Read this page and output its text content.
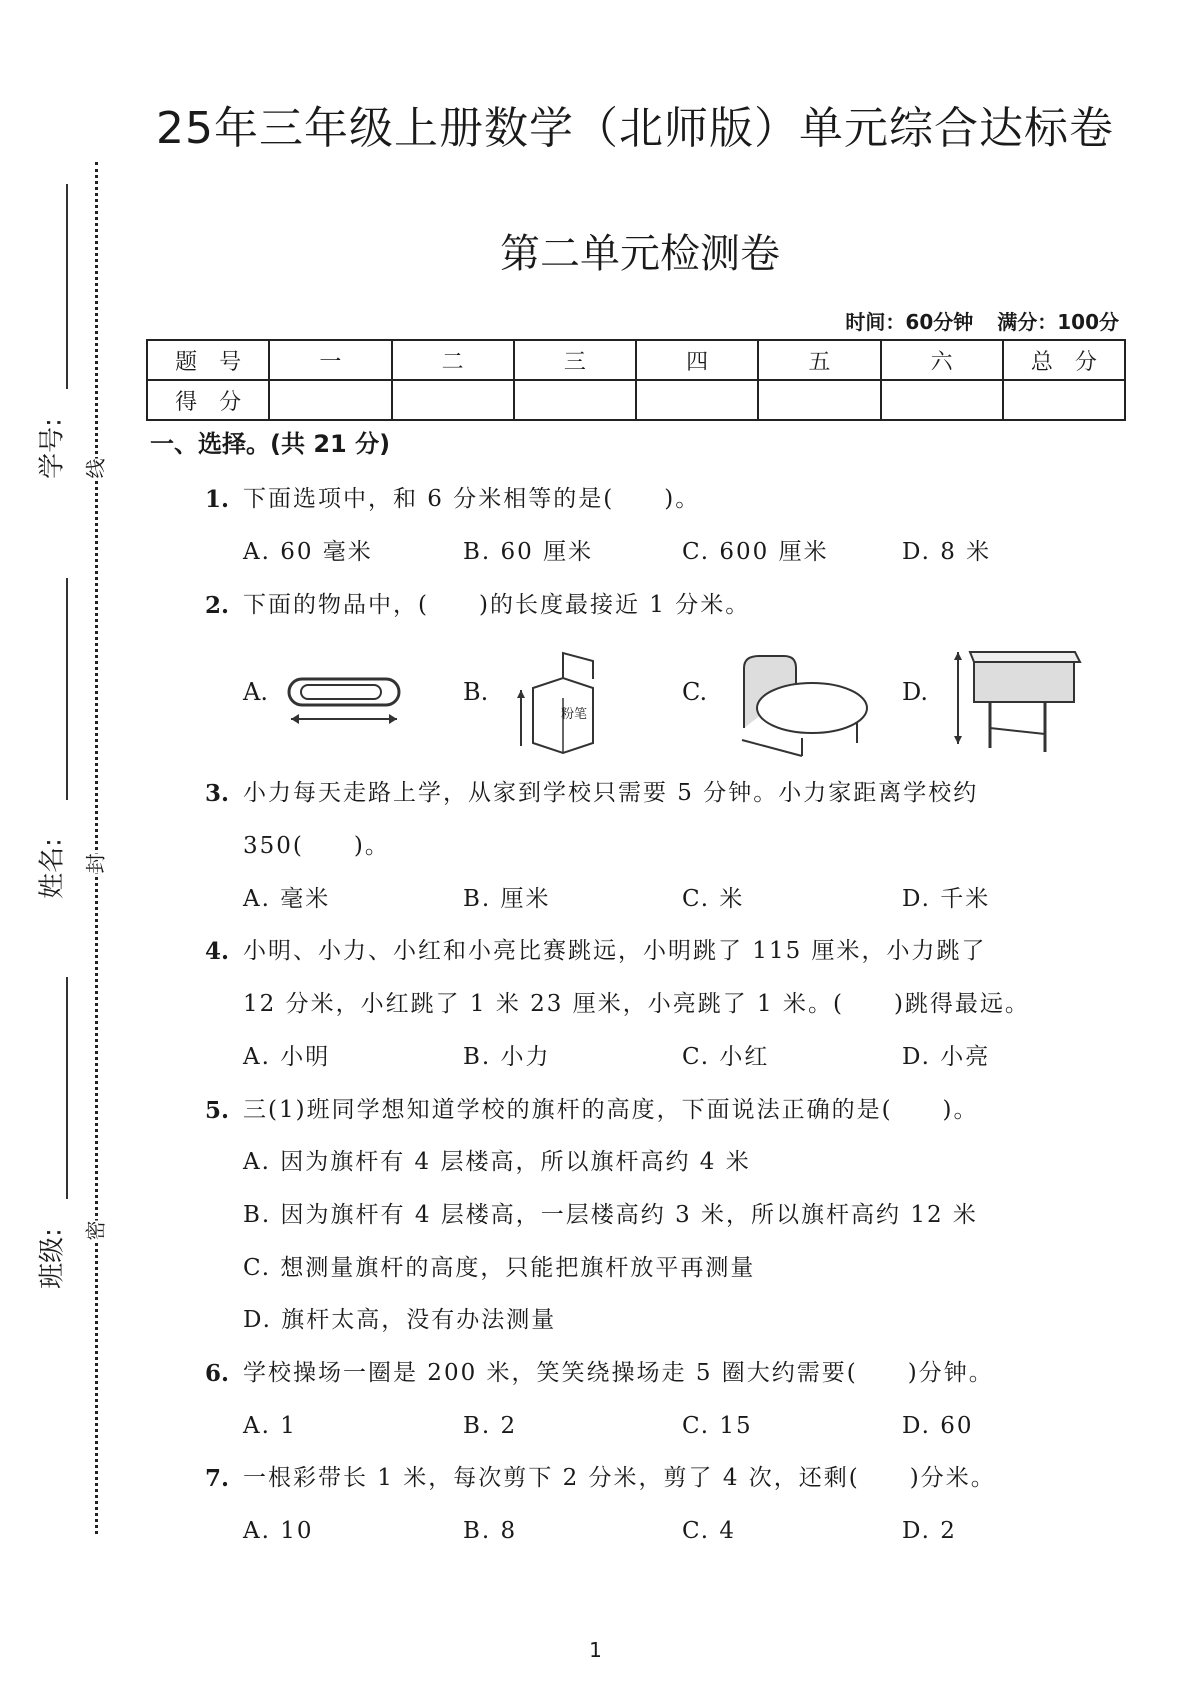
25年三年级上册数学（北师版）单元综合达标卷
第二单元检测卷
时间：60分钟 满分：100分
题　号	一	二	三	四	五	六	总　分
得　分							
学号:
姓名:
班级:
线
封
密
一、选择。(共 21 分)
1. 下面选项中，和 6 分米相等的是(　　)。
A. 60 毫米	B. 60 厘米	C. 600 厘米	D. 8 米
2. 下面的物品中，(　　)的长度最接近 1 分米。
A.	B.
粉笔
C.	D.
3. 小力每天走路上学，从家到学校只需要 5 分钟。小力家距离学校约
350(　　)。
A. 毫米	B. 厘米	C. 米	D. 千米
4. 小明、小力、小红和小亮比赛跳远，小明跳了 115 厘米，小力跳了
12 分米，小红跳了 1 米 23 厘米，小亮跳了 1 米。(　　)跳得最远。
A. 小明	B. 小力	C. 小红	D. 小亮
5. 三(1)班同学想知道学校的旗杆的高度，下面说法正确的是(　　)。
A. 因为旗杆有 4 层楼高，所以旗杆高约 4 米
B. 因为旗杆有 4 层楼高，一层楼高约 3 米，所以旗杆高约 12 米
C. 想测量旗杆的高度，只能把旗杆放平再测量
D. 旗杆太高，没有办法测量
6. 学校操场一圈是 200 米，笑笑绕操场走 5 圈大约需要(　　)分钟。
A. 1	B. 2	C. 15	D. 60
7. 一根彩带长 1 米，每次剪下 2 分米，剪了 4 次，还剩(　　)分米。
A. 10	B. 8	C. 4	D. 2
1
